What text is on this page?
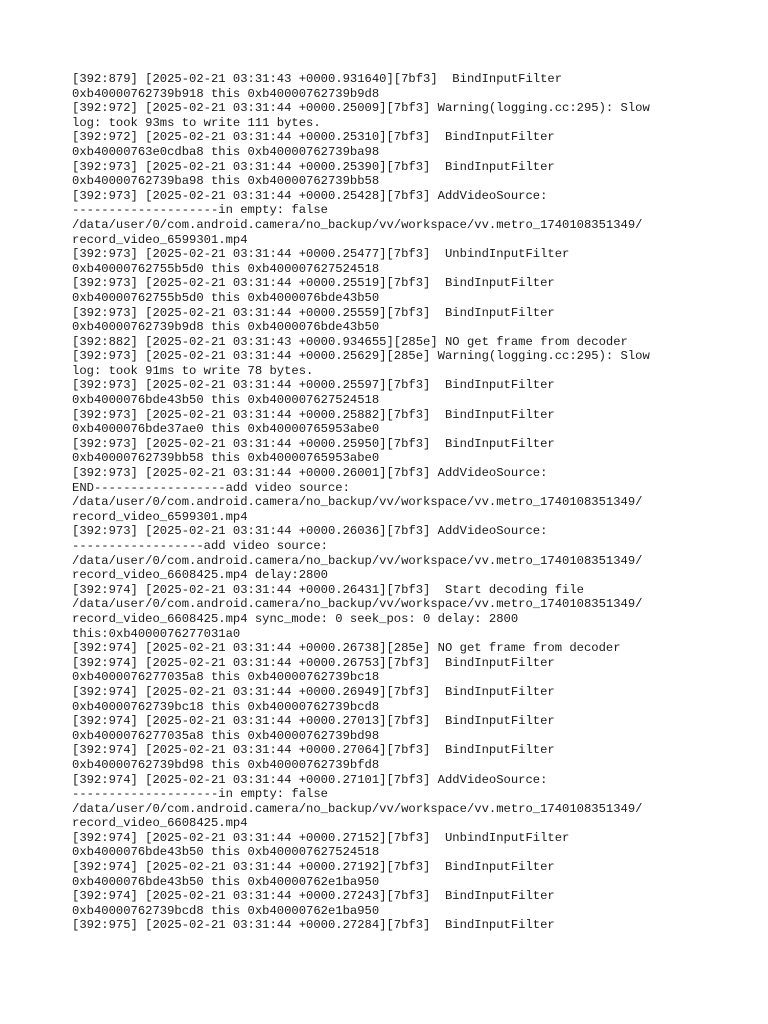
[392:879] [2025-02-21 03:31:43 +0000.931640][7bf3]  BindInputFilter
0xb40000762739b918 this 0xb40000762739b9d8
[392:972] [2025-02-21 03:31:44 +0000.25009][7bf3] Warning(logging.cc:295): Slow
log: took 93ms to write 111 bytes.
[392:972] [2025-02-21 03:31:44 +0000.25310][7bf3]  BindInputFilter
0xb40000763e0cdba8 this 0xb40000762739ba98
[392:973] [2025-02-21 03:31:44 +0000.25390][7bf3]  BindInputFilter
0xb40000762739ba98 this 0xb40000762739bb58
[392:973] [2025-02-21 03:31:44 +0000.25428][7bf3] AddVideoSource:
--------------------in empty: false
/data/user/0/com.android.camera/no_backup/vv/workspace/vv.metro_1740108351349/
record_video_6599301.mp4
[392:973] [2025-02-21 03:31:44 +0000.25477][7bf3]  UnbindInputFilter
0xb40000762755b5d0 this 0xb400007627524518
[392:973] [2025-02-21 03:31:44 +0000.25519][7bf3]  BindInputFilter
0xb40000762755b5d0 this 0xb4000076bde43b50
[392:973] [2025-02-21 03:31:44 +0000.25559][7bf3]  BindInputFilter
0xb40000762739b9d8 this 0xb4000076bde43b50
[392:882] [2025-02-21 03:31:43 +0000.934655][285e] NO get frame from decoder
[392:973] [2025-02-21 03:31:44 +0000.25629][285e] Warning(logging.cc:295): Slow
log: took 91ms to write 78 bytes.
[392:973] [2025-02-21 03:31:44 +0000.25597][7bf3]  BindInputFilter
0xb4000076bde43b50 this 0xb400007627524518
[392:973] [2025-02-21 03:31:44 +0000.25882][7bf3]  BindInputFilter
0xb4000076bde37ae0 this 0xb40000765953abe0
[392:973] [2025-02-21 03:31:44 +0000.25950][7bf3]  BindInputFilter
0xb40000762739bb58 this 0xb40000765953abe0
[392:973] [2025-02-21 03:31:44 +0000.26001][7bf3] AddVideoSource:
END------------------add video source:
/data/user/0/com.android.camera/no_backup/vv/workspace/vv.metro_1740108351349/
record_video_6599301.mp4
[392:973] [2025-02-21 03:31:44 +0000.26036][7bf3] AddVideoSource:
------------------add video source:
/data/user/0/com.android.camera/no_backup/vv/workspace/vv.metro_1740108351349/
record_video_6608425.mp4 delay:2800
[392:974] [2025-02-21 03:31:44 +0000.26431][7bf3]  Start decoding file
/data/user/0/com.android.camera/no_backup/vv/workspace/vv.metro_1740108351349/
record_video_6608425.mp4 sync_mode: 0 seek_pos: 0 delay: 2800
this:0xb4000076277031a0
[392:974] [2025-02-21 03:31:44 +0000.26738][285e] NO get frame from decoder
[392:974] [2025-02-21 03:31:44 +0000.26753][7bf3]  BindInputFilter
0xb4000076277035a8 this 0xb40000762739bc18
[392:974] [2025-02-21 03:31:44 +0000.26949][7bf3]  BindInputFilter
0xb40000762739bc18 this 0xb40000762739bcd8
[392:974] [2025-02-21 03:31:44 +0000.27013][7bf3]  BindInputFilter
0xb4000076277035a8 this 0xb40000762739bd98
[392:974] [2025-02-21 03:31:44 +0000.27064][7bf3]  BindInputFilter
0xb40000762739bd98 this 0xb40000762739bfd8
[392:974] [2025-02-21 03:31:44 +0000.27101][7bf3] AddVideoSource:
--------------------in empty: false
/data/user/0/com.android.camera/no_backup/vv/workspace/vv.metro_1740108351349/
record_video_6608425.mp4
[392:974] [2025-02-21 03:31:44 +0000.27152][7bf3]  UnbindInputFilter
0xb4000076bde43b50 this 0xb400007627524518
[392:974] [2025-02-21 03:31:44 +0000.27192][7bf3]  BindInputFilter
0xb4000076bde43b50 this 0xb40000762e1ba950
[392:974] [2025-02-21 03:31:44 +0000.27243][7bf3]  BindInputFilter
0xb40000762739bcd8 this 0xb40000762e1ba950
[392:975] [2025-02-21 03:31:44 +0000.27284][7bf3]  BindInputFilter
